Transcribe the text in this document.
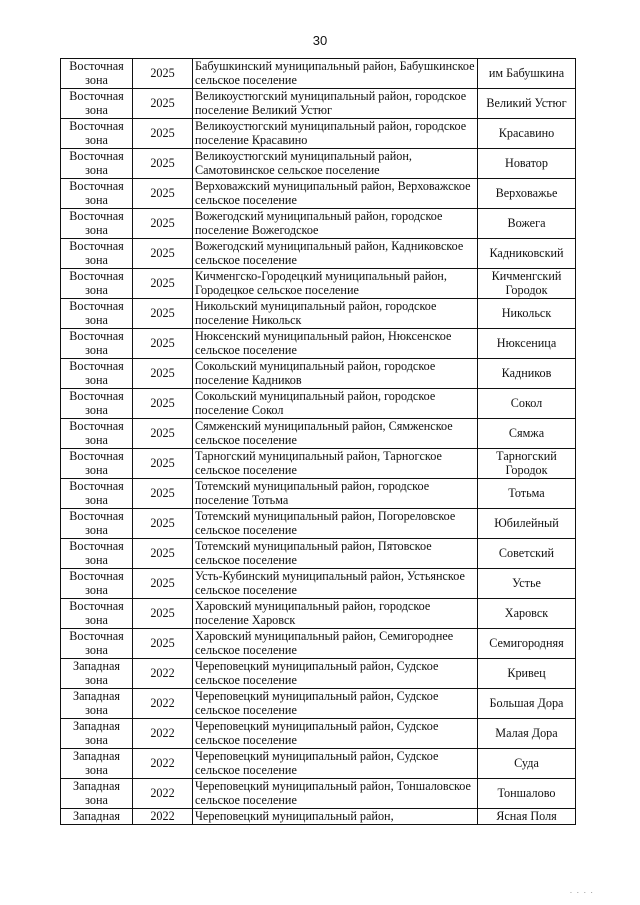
30
Восточная зона	2025	Бабушкинский муниципальный район, Бабушкинское сельское поселение	им Бабушкина
Восточная зона	2025	Великоустюгский муниципальный район, городское поселение Великий Устюг	Великий Устюг
Восточная зона	2025	Великоустюгский муниципальный район, городское поселение Красавино	Красавино
Восточная зона	2025	Великоустюгский муниципальный район, Самотовинское сельское поселение	Новатор
Восточная зона	2025	Верховажский муниципальный район, Верховажское сельское поселение	Верховажье
Восточная зона	2025	Вожегодский муниципальный район, городское поселение Вожегодское	Вожега
Восточная зона	2025	Вожегодский муниципальный район, Кадниковское сельское поселение	Кадниковский
Восточная зона	2025	Кичменгско-Городецкий муниципальный район, Городецкое сельское поселение	Кичменгский Городок
Восточная зона	2025	Никольский муниципальный район, городское поселение Никольск	Никольск
Восточная зона	2025	Нюксенский муниципальный район, Нюксенское сельское поселение	Нюксеница
Восточная зона	2025	Сокольский муниципальный район, городское поселение Кадников	Кадников
Восточная зона	2025	Сокольский муниципальный район, городское поселение Сокол	Сокол
Восточная зона	2025	Сямженский муниципальный район, Сямженское сельское поселение	Сямжа
Восточная зона	2025	Тарногский муниципальный район, Тарногское сельское поселение	Тарногский Городок
Восточная зона	2025	Тотемский муниципальный район, городское поселение Тотьма	Тотьма
Восточная зона	2025	Тотемский муниципальный район, Погореловское сельское поселение	Юбилейный
Восточная зона	2025	Тотемский муниципальный район, Пятовское сельское поселение	Советский
Восточная зона	2025	Усть-Кубинский муниципальный район, Устьянское сельское поселение	Устье
Восточная зона	2025	Харовский муниципальный район, городское поселение Харовск	Харовск
Восточная зона	2025	Харовский муниципальный район, Семигороднее сельское поселение	Семигородняя
Западная зона	2022	Череповецкий муниципальный район, Судское сельское поселение	Кривец
Западная зона	2022	Череповецкий муниципальный район, Судское сельское поселение	Большая Дора
Западная зона	2022	Череповецкий муниципальный район, Судское сельское поселение	Малая Дора
Западная зона	2022	Череповецкий муниципальный район, Судское сельское поселение	Суда
Западная зона	2022	Череповецкий муниципальный район, Тоншаловское сельское поселение	Тоншалово
Западная	2022	Череповецкий муниципальный район,	Ясная Поля
· · · ·
